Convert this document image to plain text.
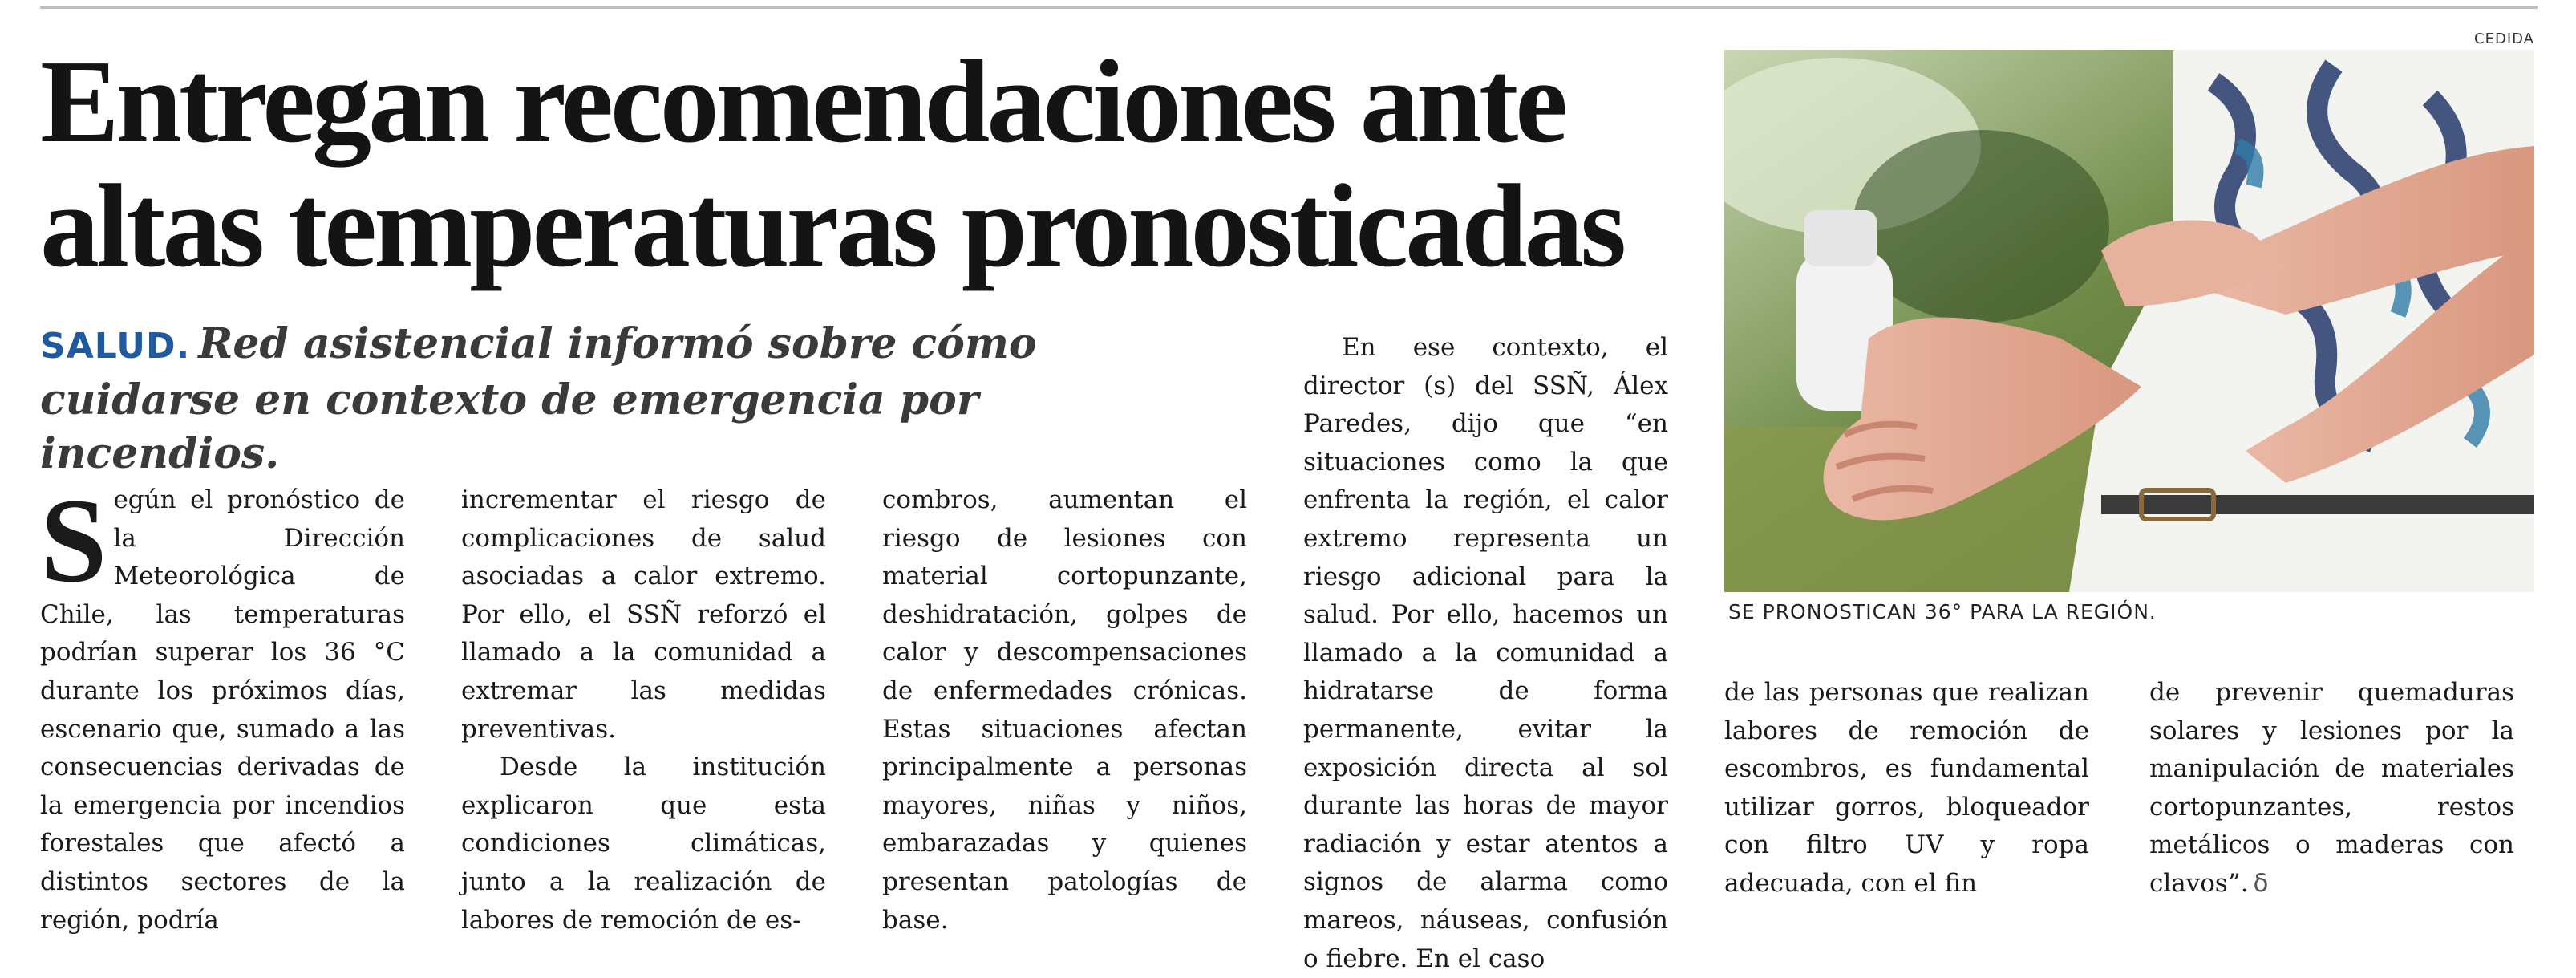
CEDIDA
Entregan recomendaciones ante altas temperaturas pronosticadas
SALUD. Red asistencial informó sobre cómo cuidarse en contexto de emergencia por incendios.
S egún el pronóstico de la Dirección Meteorológica de Chile, las temperaturas podrían superar los 36 °C durante los próximos días, escenario que, sumado a las consecuencias derivadas de la emergencia por incendios forestales que afectó a distintos sectores de la región, podría

incrementar el riesgo de complicaciones de salud asociadas a calor extremo. Por ello, el SSÑ reforzó el llamado a la comunidad a extremar las medidas preventivas.

Desde la institución explicaron que esta condiciones climáticas, junto a la realización de labores de remoción de es-

combros, aumentan el riesgo de lesiones con material cortopunzante, deshidratación, golpes de calor y descompensaciones de enfermedades crónicas. Estas situaciones afectan principalmente a personas mayores, niñas y niños, embarazadas y quienes presentan patologías de base.

En ese contexto, el director (s) del SSÑ, Álex Paredes, dijo que “en situaciones como la que enfrenta la región, el calor extremo representa un riesgo adicional para la salud. Por ello, hacemos un llamado a la comunidad a hidratarse de forma permanente, evitar la exposición directa al sol durante las horas de mayor radiación y estar atentos a signos de alarma como mareos, náuseas, confusión o fiebre. En el caso

de las personas que realizan labores de remoción de escombros, es fundamental utilizar gorros, bloqueador con filtro UV y ropa adecuada, con el fin

de prevenir quemaduras solares y lesiones por la manipulación de materiales cortopunzantes, restos metálicos o maderas con clavos”. δ

SE PRONOSTICAN 36° PARA LA REGIÓN.
